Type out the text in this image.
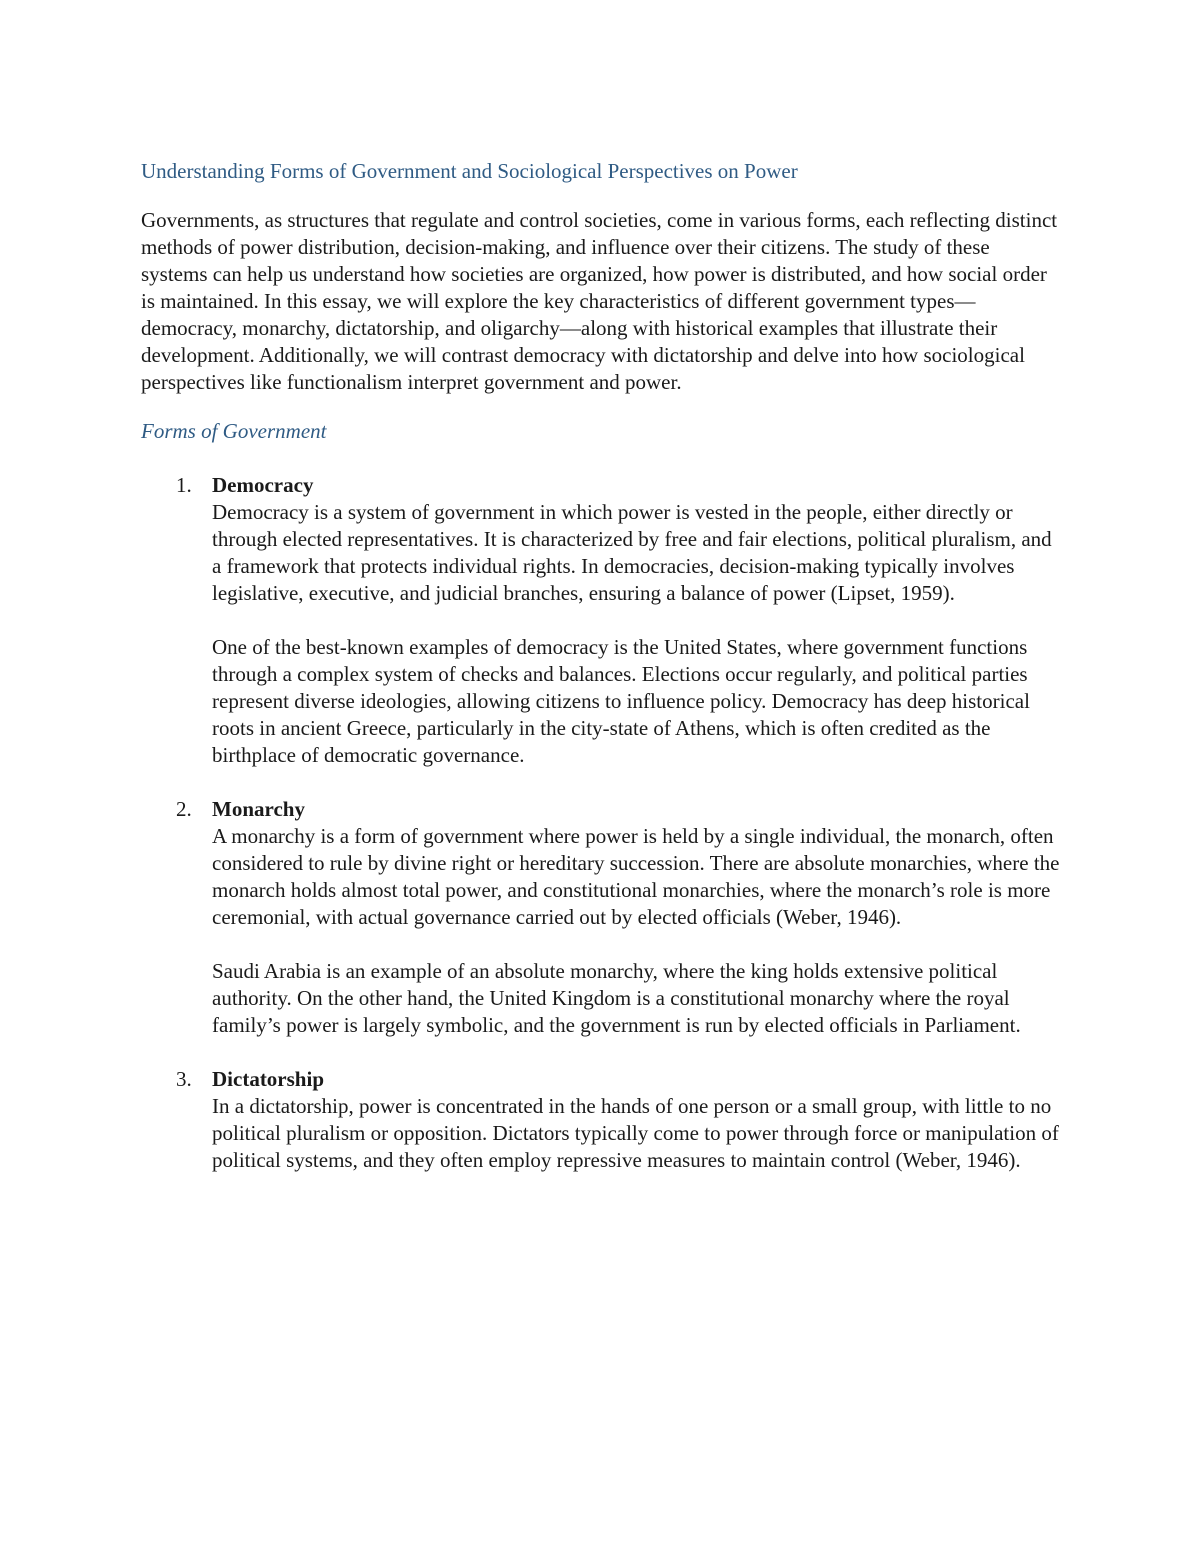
Understanding Forms of Government and Sociological Perspectives on Power

Governments, as structures that regulate and control societies, come in various forms, each reflecting distinct methods of power distribution, decision-making, and influence over their citizens. The study of these systems can help us understand how societies are organized, how power is distributed, and how social order is maintained. In this essay, we will explore the key characteristics of different government types—democracy, monarchy, dictatorship, and oligarchy—along with historical examples that illustrate their development. Additionally, we will contrast democracy with dictatorship and delve into how sociological perspectives like functionalism interpret government and power.

Forms of Government
1. Democracy

Democracy is a system of government in which power is vested in the people, either directly or through elected representatives. It is characterized by free and fair elections, political pluralism, and a framework that protects individual rights. In democracies, decision-making typically involves legislative, executive, and judicial branches, ensuring a balance of power (Lipset, 1959).

One of the best-known examples of democracy is the United States, where government functions through a complex system of checks and balances. Elections occur regularly, and political parties represent diverse ideologies, allowing citizens to influence policy. Democracy has deep historical roots in ancient Greece, particularly in the city-state of Athens, which is often credited as the birthplace of democratic governance.

2. Monarchy

A monarchy is a form of government where power is held by a single individual, the monarch, often considered to rule by divine right or hereditary succession. There are absolute monarchies, where the monarch holds almost total power, and constitutional monarchies, where the monarch’s role is more ceremonial, with actual governance carried out by elected officials (Weber, 1946).

Saudi Arabia is an example of an absolute monarchy, where the king holds extensive political authority. On the other hand, the United Kingdom is a constitutional monarchy where the royal family’s power is largely symbolic, and the government is run by elected officials in Parliament.

3. Dictatorship

In a dictatorship, power is concentrated in the hands of one person or a small group, with little to no political pluralism or opposition. Dictators typically come to power through force or manipulation of political systems, and they often employ repressive measures to maintain control (Weber, 1946).
